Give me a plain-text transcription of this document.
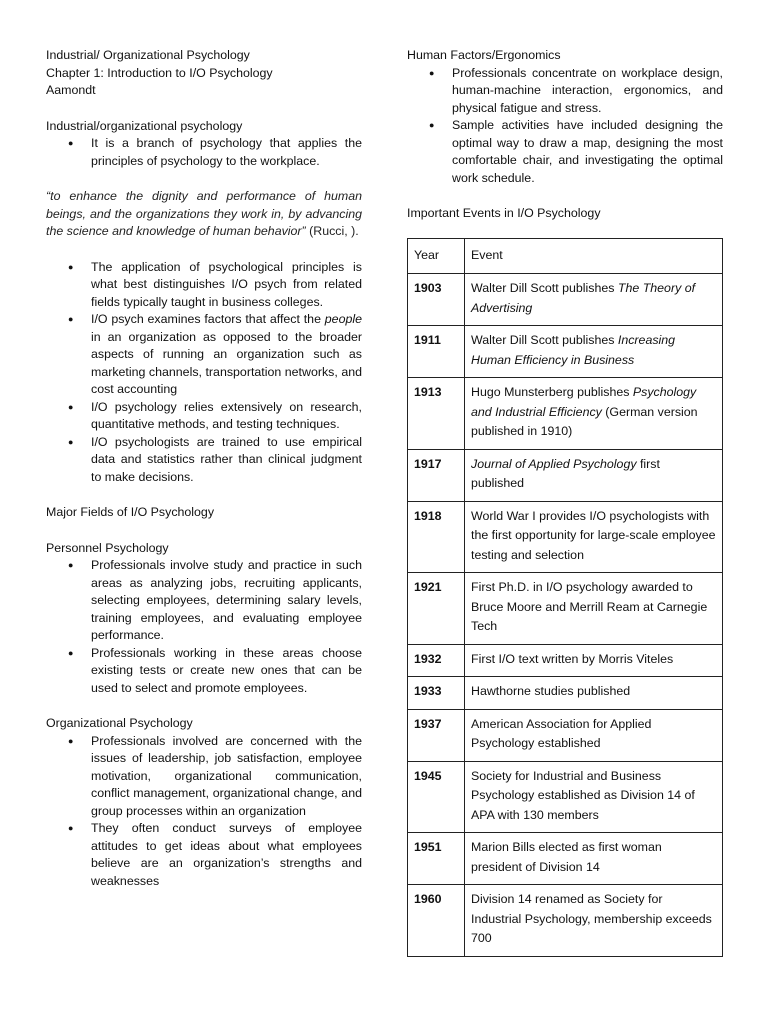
Industrial/ Organizational Psychology

Chapter 1: Introduction to I/O Psychology

Aamondt

Industrial/organizational psychology

● It is a branch of psychology that applies the principles of psychology to the workplace.

“to enhance the dignity and performance of human beings, and the organizations they work in, by advancing the science and knowledge of human behavior” (Rucci, ).

● The application of psychological principles is what best distinguishes I/O psych from related fields typically taught in business colleges.
● I/O psych examines factors that affect the people in an organization as opposed to the broader aspects of running an organization such as marketing channels, transportation networks, and cost accounting
● I/O psychology relies extensively on research, quantitative methods, and testing techniques.
● I/O psychologists are trained to use empirical data and statistics rather than clinical judgment to make decisions.

Major Fields of I/O Psychology

Personnel Psychology

● Professionals involve study and practice in such areas as analyzing jobs, recruiting applicants, selecting employees, determining salary levels, training employees, and evaluating employee performance.
● Professionals working in these areas choose existing tests or create new ones that can be used to select and promote employees.

Organizational Psychology

● Professionals involved are concerned with the issues of leadership, job satisfaction, employee motivation, organizational communication, conflict management, organizational change, and group processes within an organization
● They often conduct surveys of employee attitudes to get ideas about what employees believe are an organization’s strengths and weaknesses

Human Factors/Ergonomics

● Professionals concentrate on workplace design, human-machine interaction, ergonomics, and physical fatigue and stress.
● Sample activities have included designing the optimal way to draw a map, designing the most comfortable chair, and investigating the optimal work schedule.

Important Events in I/O Psychology

Year	Event
1903	Walter Dill Scott publishes The Theory of Advertising
1911	Walter Dill Scott publishes Increasing Human Efficiency in Business
1913	Hugo Munsterberg publishes Psychology and Industrial Efficiency (German version published in 1910)
1917	Journal of Applied Psychology first published
1918	World War I provides I/O psychologists with the first opportunity for large-scale employee testing and selection
1921	First Ph.D. in I/O psychology awarded to Bruce Moore and Merrill Ream at Carnegie Tech
1932	First I/O text written by Morris Viteles
1933	Hawthorne studies published
1937	American Association for Applied Psychology established
1945	Society for Industrial and Business Psychology established as Division 14 of APA with 130 members
1951	Marion Bills elected as first woman president of Division 14
1960	Division 14 renamed as Society for Industrial Psychology, membership exceeds 700
